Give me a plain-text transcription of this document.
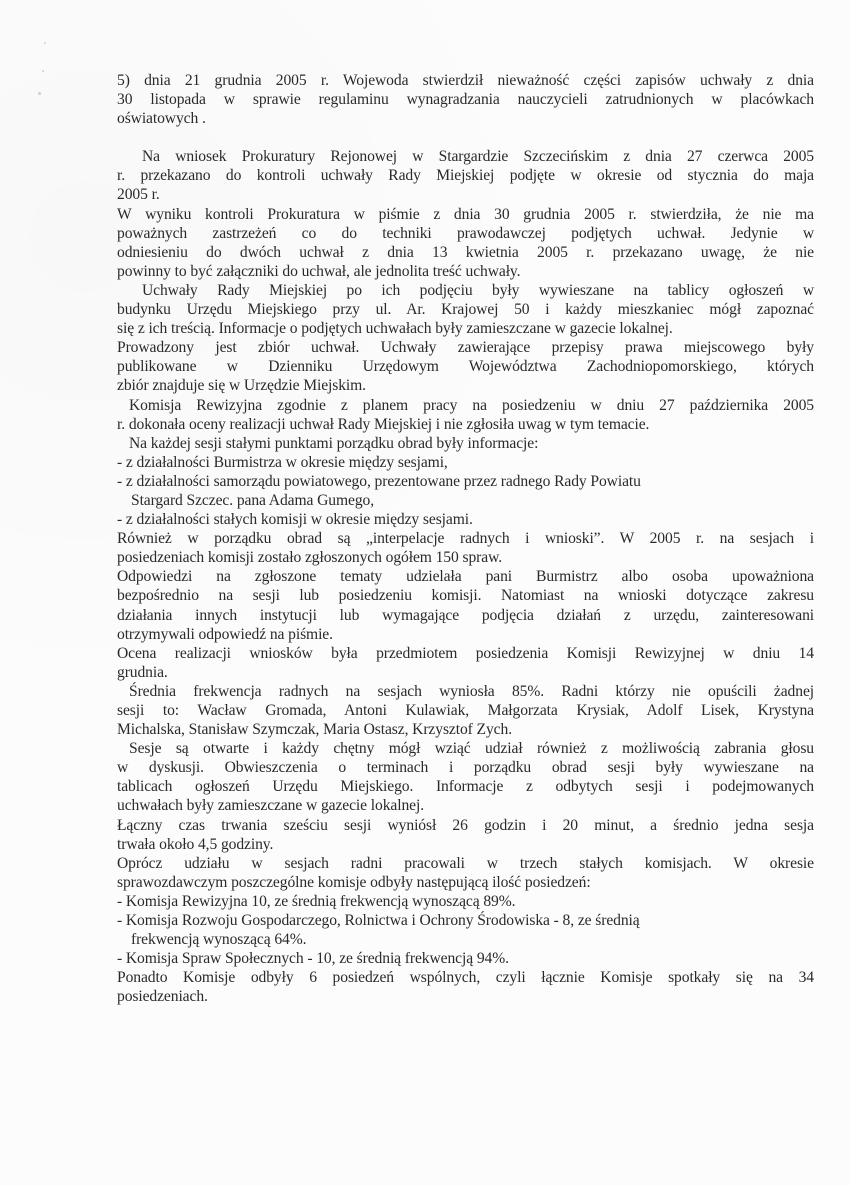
5) dnia 21 grudnia 2005 r. Wojewoda stwierdził nieważność części zapisów uchwały z dnia
30 listopada w sprawie regulaminu wynagradzania nauczycieli zatrudnionych w placówkach
oświatowych .
Na wniosek Prokuratury Rejonowej w Stargardzie Szczecińskim z dnia 27 czerwca 2005
r. przekazano do kontroli uchwały Rady Miejskiej podjęte w okresie od stycznia do maja
2005 r.
W wyniku kontroli Prokuratura w piśmie z dnia 30 grudnia 2005 r. stwierdziła, że nie ma
poważnych zastrzeżeń co do techniki prawodawczej podjętych uchwał. Jedynie w
odniesieniu do dwóch uchwał z dnia 13 kwietnia 2005 r. przekazano uwagę, że nie
powinny to być załączniki do uchwał, ale jednolita treść uchwały.
Uchwały Rady Miejskiej po ich podjęciu były wywieszane na tablicy ogłoszeń w
budynku Urzędu Miejskiego przy ul. Ar. Krajowej 50 i każdy mieszkaniec mógł zapoznać
się z ich treścią. Informacje o podjętych uchwałach były zamieszczane w gazecie lokalnej.
Prowadzony jest zbiór uchwał. Uchwały zawierające przepisy prawa miejscowego były
publikowane w Dzienniku Urzędowym Województwa Zachodniopomorskiego, których
zbiór znajduje się w Urzędzie Miejskim.
Komisja Rewizyjna zgodnie z planem pracy na posiedzeniu w dniu 27 października 2005
r. dokonała oceny realizacji uchwał Rady Miejskiej i nie zgłosiła uwag w tym temacie.
Na każdej sesji stałymi punktami porządku obrad były informacje:
- z działalności Burmistrza w okresie między sesjami,
- z działalności samorządu powiatowego, prezentowane przez radnego Rady Powiatu
Stargard Szczec. pana Adama Gumego,
- z działalności stałych komisji w okresie między sesjami.
Również w porządku obrad są „interpelacje radnych i wnioski”. W 2005 r. na sesjach i
posiedzeniach komisji zostało zgłoszonych ogółem 150 spraw.
Odpowiedzi na zgłoszone tematy udzielała pani Burmistrz albo osoba upoważniona
bezpośrednio na sesji lub posiedzeniu komisji. Natomiast na wnioski dotyczące zakresu
działania innych instytucji lub wymagające podjęcia działań z urzędu, zainteresowani
otrzymywali odpowiedź na piśmie.
Ocena realizacji wniosków była przedmiotem posiedzenia Komisji Rewizyjnej w dniu 14
grudnia.
Średnia frekwencja radnych na sesjach wyniosła 85%. Radni którzy nie opuścili żadnej
sesji to: Wacław Gromada, Antoni Kulawiak, Małgorzata Krysiak, Adolf Lisek, Krystyna
Michalska, Stanisław Szymczak, Maria Ostasz, Krzysztof Zych.
Sesje są otwarte i każdy chętny mógł wziąć udział również z możliwością zabrania głosu
w dyskusji. Obwieszczenia o terminach i porządku obrad sesji były wywieszane na
tablicach ogłoszeń Urzędu Miejskiego. Informacje z odbytych sesji i podejmowanych
uchwałach były zamieszczane w gazecie lokalnej.
Łączny czas trwania sześciu sesji wyniósł 26 godzin i 20 minut, a średnio jedna sesja
trwała około 4,5 godziny.
Oprócz udziału w sesjach radni pracowali w trzech stałych komisjach. W okresie
sprawozdawczym poszczególne komisje odbyły następującą ilość posiedzeń:
- Komisja Rewizyjna 10, ze średnią frekwencją wynoszącą 89%.
- Komisja Rozwoju Gospodarczego, Rolnictwa i Ochrony Środowiska - 8, ze średnią
frekwencją wynoszącą 64%.
- Komisja Spraw Społecznych - 10, ze średnią frekwencją 94%.
Ponadto Komisje odbyły 6 posiedzeń wspólnych, czyli łącznie Komisje spotkały się na 34
posiedzeniach.
